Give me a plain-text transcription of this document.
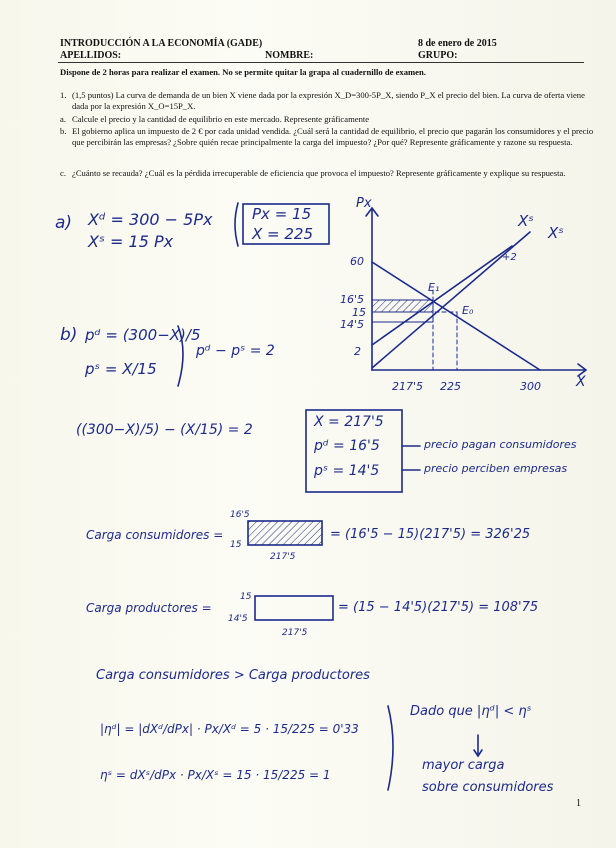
INTRODUCCIÓN A LA ECONOMÍA (GADE)	8 de enero de 2015
APELLIDOS:	NOMBRE:	GRUPO:
Dispone de 2 horas para realizar el examen. No se permite quitar la grapa al cuadernillo de examen.
1. (1,5 puntos) La curva de demanda de un bien X viene dada por la expresión X_D=300-5P_X, siendo P_X el precio del bien. La curva de oferta viene dada por la expresión X_O=15P_X.
a. Calcule el precio y la cantidad de equilibrio en este mercado. Represente gráficamente
b. El gobierno aplica un impuesto de 2 € por cada unidad vendida. ¿Cuál será la cantidad de equilibrio, el precio que pagarán los consumidores y el precio que percibirán las empresas? ¿Sobre quién recae principalmente la carga del impuesto? ¿Por qué? Represente gráficamente y razone su respuesta.
c. ¿Cuánto se recauda? ¿Cuál es la pérdida irrecuperable de eficiencia que provoca el impuesto? Represente gráficamente y explique su respuesta.
a) Xᵈ = 300 − 5Px
Xˢ = 15 Px
Px = 15
X = 225
Px
X
60
16'5
15
14'5
2
217'5 225	300
Xˢ
Xˢ
+2
E₁
E₀
b) pᵈ = (300−X)/5
pˢ = X/15
pᵈ − pˢ = 2
((300−X)/5) − (X/15) = 2	X = 217'5
pᵈ = 16'5
pˢ = 14'5
precio pagan consumidores
precio perciben empresas
Carga consumidores =
16'5
15
217'5
= (16'5 − 15)(217'5) = 326'25
Carga productores =
15
14'5
217'5
= (15 − 14'5)(217'5) = 108'75
Carga consumidores > Carga productores
|ηᵈ| = |dXᵈ/dPx| · Px/Xᵈ = 5 · 15/225 = 0'33
ηˢ = dXˢ/dPx · Px/Xˢ = 15 · 15/225 = 1
Dado que |ηᵈ| < ηˢ
mayor carga
sobre consumidores
1
